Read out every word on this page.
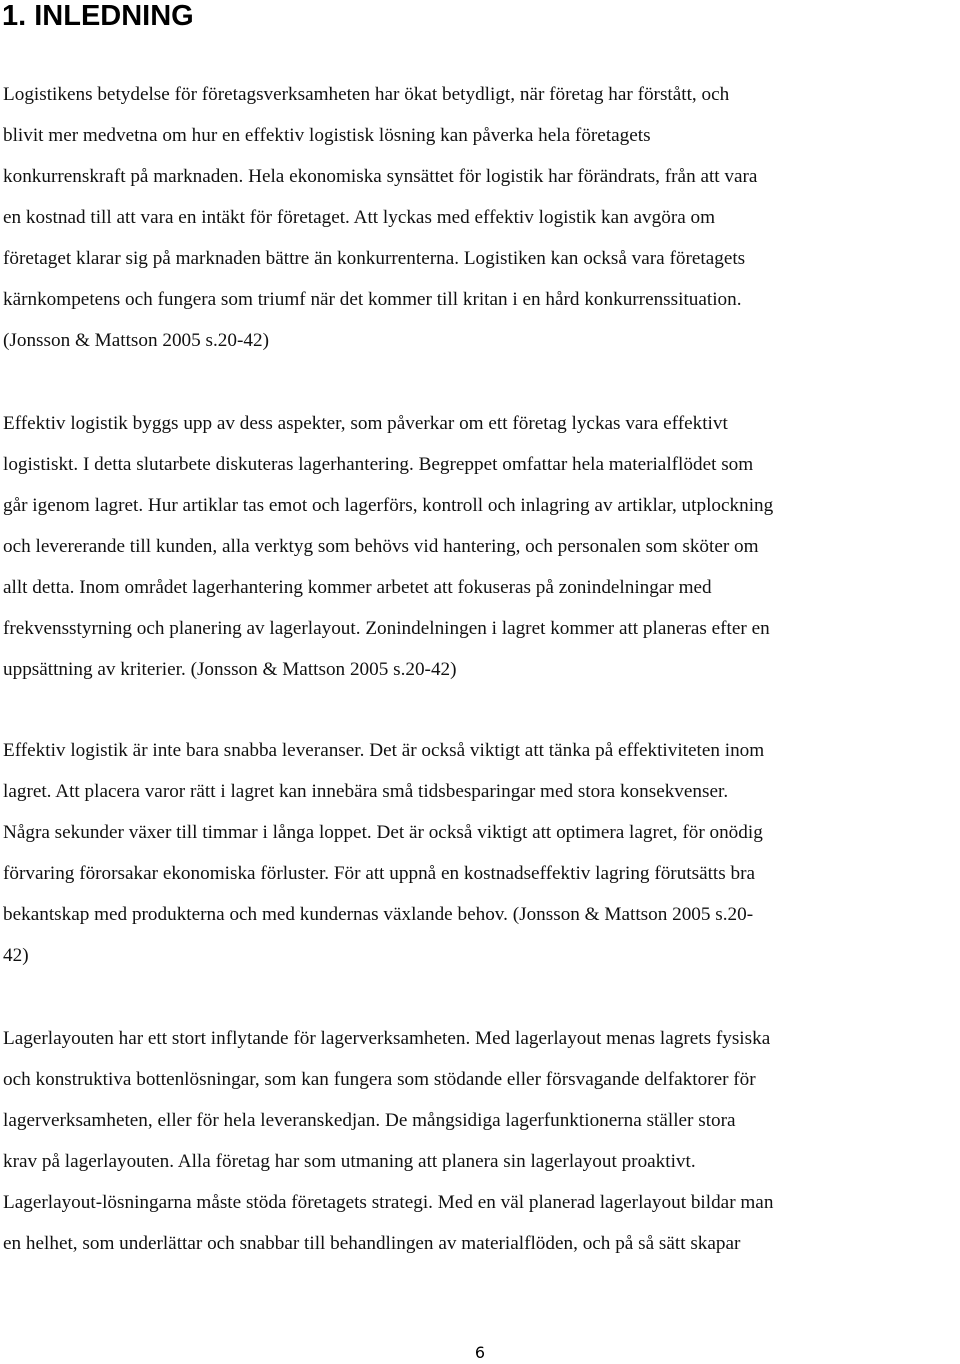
1. INLEDNING

Logistikens betydelse för företagsverksamheten har ökat betydligt, när företag har förstått, och
blivit mer medvetna om hur en effektiv logistisk lösning kan påverka hela företagets
konkurrenskraft på marknaden. Hela ekonomiska synsättet för logistik har förändrats, från att vara
en kostnad till att vara en intäkt för företaget. Att lyckas med effektiv logistik kan avgöra om
företaget klarar sig på marknaden bättre än konkurrenterna. Logistiken kan också vara företagets
kärnkompetens och fungera som triumf när det kommer till kritan i en hård konkurrenssituation.
(Jonsson & Mattson 2005 s.20-42)

Effektiv logistik byggs upp av dess aspekter, som påverkar om ett företag lyckas vara effektivt
logistiskt. I detta slutarbete diskuteras lagerhantering. Begreppet omfattar hela materialflödet som
går igenom lagret. Hur artiklar tas emot och lagerförs, kontroll och inlagring av artiklar, utplockning
och levererande till kunden, alla verktyg som behövs vid hantering, och personalen som sköter om
allt detta. Inom området lagerhantering kommer arbetet att fokuseras på zonindelningar med
frekvensstyrning och planering av lagerlayout. Zonindelningen i lagret kommer att planeras efter en
uppsättning av kriterier. (Jonsson & Mattson 2005 s.20-42)

Effektiv logistik är inte bara snabba leveranser. Det är också viktigt att tänka på effektiviteten inom
lagret. Att placera varor rätt i lagret kan innebära små tidsbesparingar med stora konsekvenser.
Några sekunder växer till timmar i långa loppet. Det är också viktigt att optimera lagret, för onödig
förvaring förorsakar ekonomiska förluster. För att uppnå en kostnadseffektiv lagring förutsätts bra
bekantskap med produkterna och med kundernas växlande behov. (Jonsson & Mattson 2005 s.20-
42)

Lagerlayouten har ett stort inflytande för lagerverksamheten. Med lagerlayout menas lagrets fysiska
och konstruktiva bottenlösningar, som kan fungera som stödande eller försvagande delfaktorer för
lagerverksamheten, eller för hela leveranskedjan. De mångsidiga lagerfunktionerna ställer stora
krav på lagerlayouten. Alla företag har som utmaning att planera sin lagerlayout proaktivt.
Lagerlayout-lösningarna måste stöda företagets strategi. Med en väl planerad lagerlayout bildar man
en helhet, som underlättar och snabbar till behandlingen av materialflöden, och på så sätt skapar

6
